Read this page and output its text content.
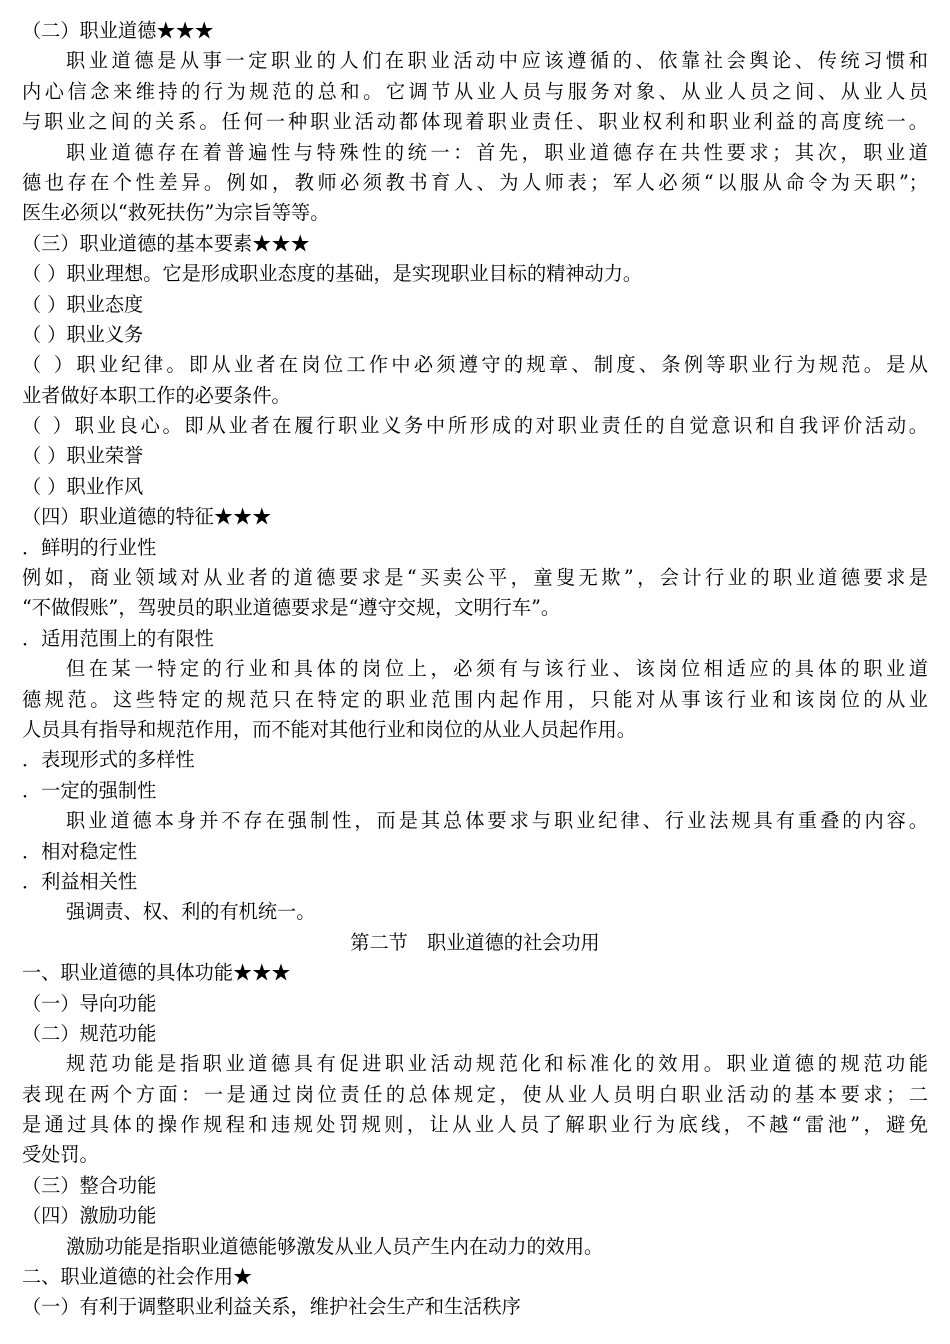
（二）职业道德★★★
职业道德是从事一定职业的人们在职业活动中应该遵循的、依靠社会舆论、传统习惯和
内心信念来维持的行为规范的总和。它调节从业人员与服务对象、从业人员之间、从业人员
与职业之间的关系。任何一种职业活动都体现着职业责任、职业权利和职业利益的高度统一。
职业道德存在着普遍性与特殊性的统一：首先，职业道德存在共性要求；其次，职业道
德也存在个性差异。例如，教师必须教书育人、为人师表；军人必须“以服从命令为天职”；
医生必须以“救死扶伤”为宗旨等等。
（三）职业道德的基本要素★★★
（ ）职业理想。它是形成职业态度的基础，是实现职业目标的精神动力。
（ ）职业态度
（ ）职业义务
（ ）职业纪律。即从业者在岗位工作中必须遵守的规章、制度、条例等职业行为规范。是从
业者做好本职工作的必要条件。
（ ）职业良心。即从业者在履行职业义务中所形成的对职业责任的自觉意识和自我评价活动。
（ ）职业荣誉
（ ）职业作风
（四）职业道德的特征★★★
．鲜明的行业性
例如，商业领域对从业者的道德要求是“买卖公平，童叟无欺”，会计行业的职业道德要求是
“不做假账”，驾驶员的职业道德要求是“遵守交规，文明行车”。
．适用范围上的有限性
但在某一特定的行业和具体的岗位上，必须有与该行业、该岗位相适应的具体的职业道
德规范。这些特定的规范只在特定的职业范围内起作用，只能对从事该行业和该岗位的从业
人员具有指导和规范作用，而不能对其他行业和岗位的从业人员起作用。
．表现形式的多样性
．一定的强制性
职业道德本身并不存在强制性，而是其总体要求与职业纪律、行业法规具有重叠的内容。
．相对稳定性
．利益相关性
强调责、权、利的有机统一。
第二节　职业道德的社会功用
一、职业道德的具体功能★★★
（一）导向功能
（二）规范功能
规范功能是指职业道德具有促进职业活动规范化和标准化的效用。职业道德的规范功能
表现在两个方面：一是通过岗位责任的总体规定，使从业人员明白职业活动的基本要求；二
是通过具体的操作规程和违规处罚规则，让从业人员了解职业行为底线，不越“雷池”，避免
受处罚。
（三）整合功能
（四）激励功能
激励功能是指职业道德能够激发从业人员产生内在动力的效用。
二、职业道德的社会作用★
（一）有利于调整职业利益关系，维护社会生产和生活秩序
